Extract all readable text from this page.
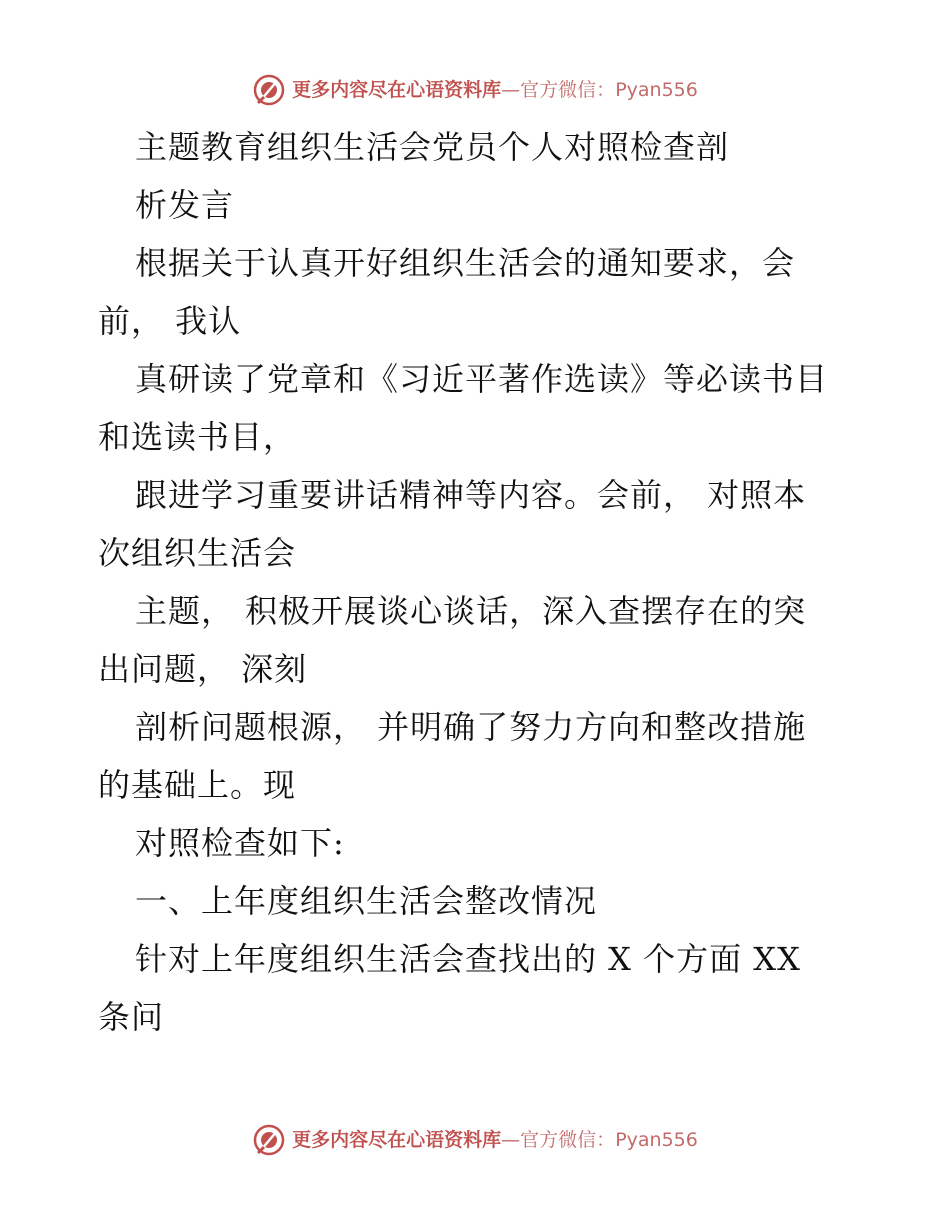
更多内容尽在心语资料库—官方微信：Pyan556
主题教育组织生活会党员个人对照检查剖
析发言
根据关于认真开好组织生活会的通知要求，会
前， 我认
真研读了党章和《习近平著作选读》等必读书目
和选读书目，
跟进学习重要讲话精神等内容。会前， 对照本
次组织生活会
主题， 积极开展谈心谈话，深入查摆存在的突
出问题， 深刻
剖析问题根源， 并明确了努力方向和整改措施
的基础上。现
对照检查如下:
一、上年度组织生活会整改情况
针对上年度组织生活会查找出的 X 个方面 XX
条问
更多内容尽在心语资料库—官方微信：Pyan556
